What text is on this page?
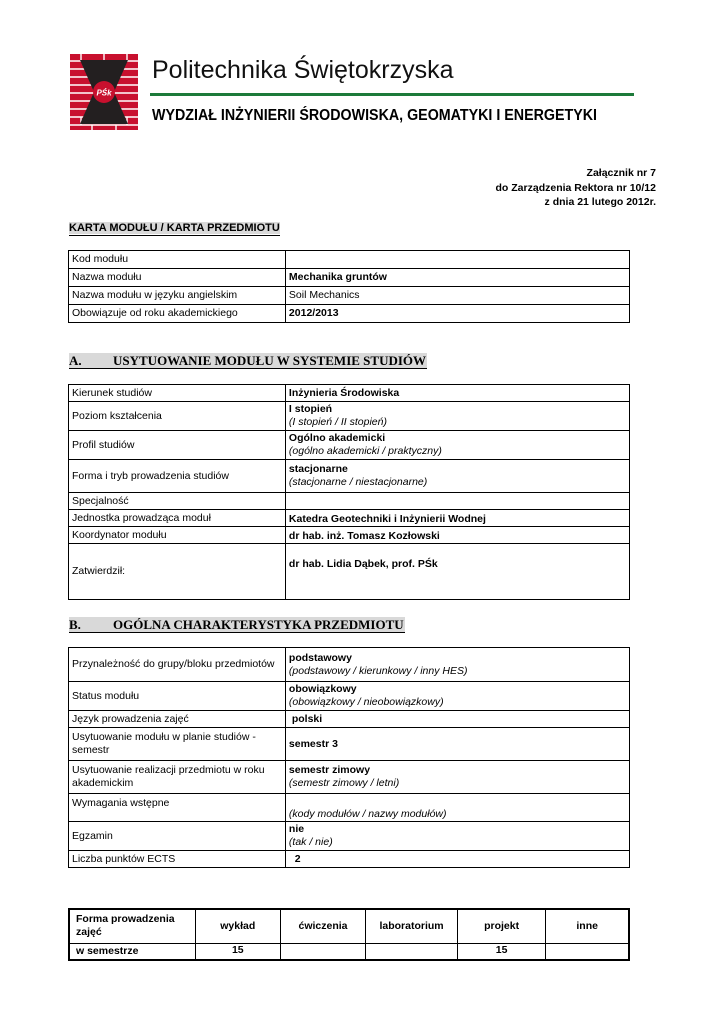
PŚk
Politechnika Świętokrzyska
WYDZIAŁ INŻYNIERII ŚRODOWISKA, GEOMATYKI I ENERGETYKI
Załącznik nr 7
do Zarządzenia Rektora nr 10/12
z dnia 21 lutego 2012r.
KARTA MODUŁU / KARTA PRZEDMIOTU
Kod modułu	
Nazwa modułu	Mechanika gruntów
Nazwa modułu w języku angielskim	Soil Mechanics
Obowiązuje od roku akademickiego	2012/2013
A. USYTUOWANIE MODUŁU W SYSTEMIE STUDIÓW
Kierunek studiów	Inżynieria Środowiska
Poziom kształcenia	I stopień
(I stopień / II stopień)

Profil studiów	Ogólno akademicki
(ogólno akademicki / praktyczny)

Forma i tryb prowadzenia studiów	stacjonarne
(stacjonarne / niestacjonarne)

Specjalność	
Jednostka prowadząca moduł	Katedra Geotechniki i Inżynierii Wodnej
Koordynator modułu	dr hab. inż. Tomasz Kozłowski
Zatwierdził:	dr hab. Lidia Dąbek, prof. PŚk
B. OGÓLNA CHARAKTERYSTYKA PRZEDMIOTU
Przynależność do grupy/bloku przedmiotów	podstawowy
(podstawowy / kierunkowy / inny HES)

Status modułu	obowiązkowy
(obowiązkowy / nieobowiązkowy)

Język prowadzenia zajęć	polski
Usytuowanie modułu w planie studiów - semestr	semestr 3
Usytuowanie realizacji przedmiotu w roku akademickim	semestr zimowy
(semestr zimowy / letni)

Wymagania wstępne	(kody modułów / nazwy modułów)
Egzamin	nie
(tak / nie)

Liczba punktów ECTS	2
Forma prowadzenia zajęć	wykład	ćwiczenia	laboratorium	projekt	inne
w semestrze	15			15	
